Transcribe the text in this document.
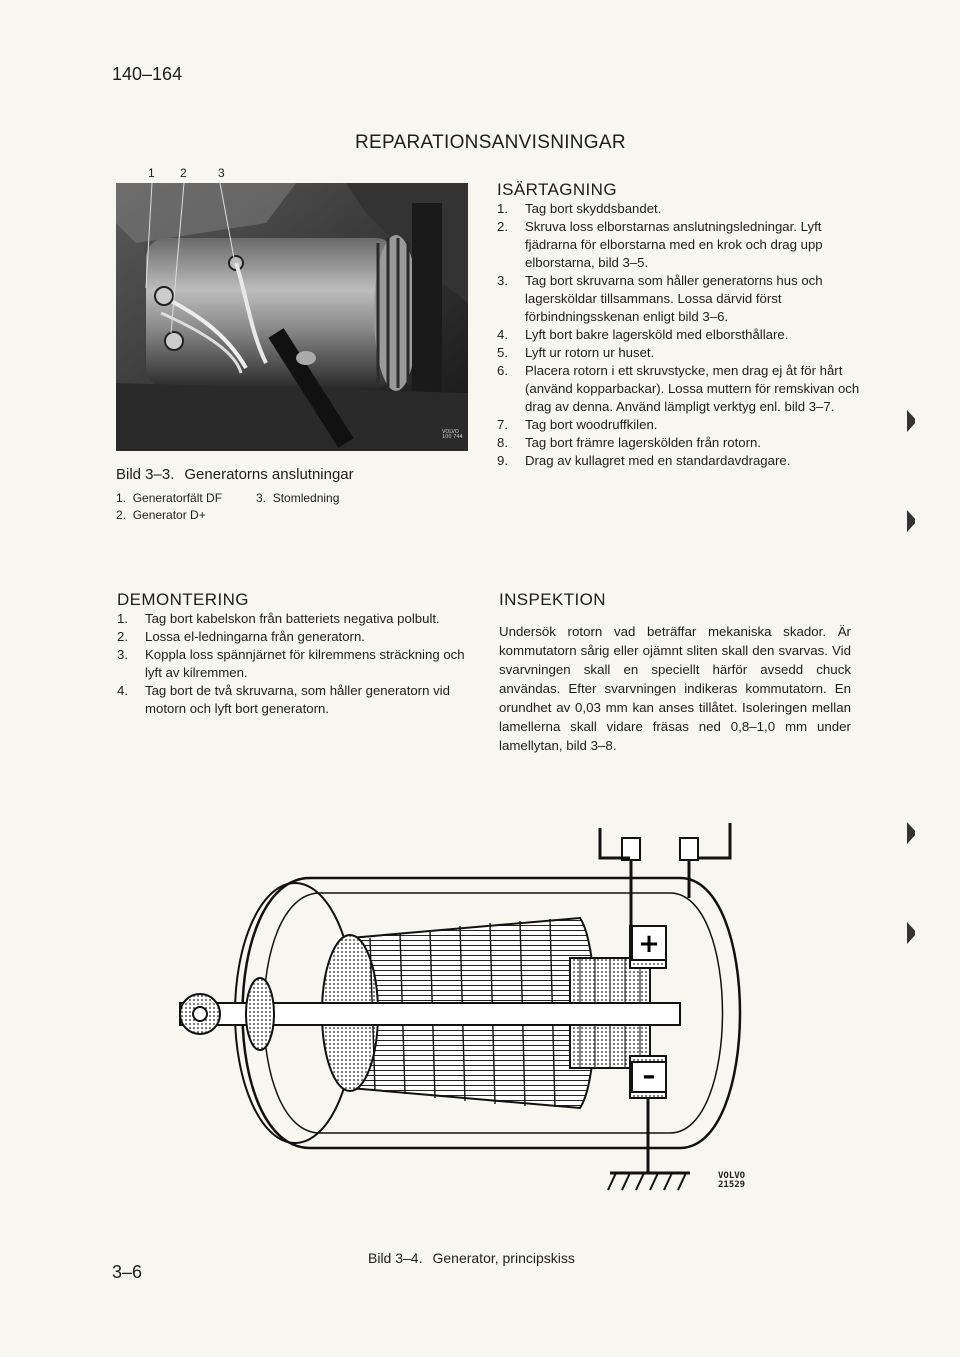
140–164
REPARATIONSANVISNINGAR
1 2	3
VOLVO
100 744
Bild 3–3. Generatorns anslutningar
1. Generatorfält DF	3. Stomledning
2. Generator D+
ISÄRTAGNING
1.	Tag bort skyddsbandet.
2.	Skruva loss elborstarnas anslutningsledningar. Lyft fjädrarna för elborstarna med en krok och drag upp elborstarna, bild 3–5.
3.	Tag bort skruvarna som håller generatorns hus och lagersköldar tillsammans. Lossa därvid först förbindningsskenan enligt bild 3–6.
4.	Lyft bort bakre lagersköld med elborsthållare.
5.	Lyft ur rotorn ur huset.
6.	Placera rotorn i ett skruvstycke, men drag ej åt för hårt (använd kopparbackar). Lossa muttern för remskivan och drag av denna. Använd lämpligt verktyg enl. bild 3–7.
7.	Tag bort woodruffkilen.
8.	Tag bort främre lagerskölden från rotorn.
9.	Drag av kullagret med en standardavdragare.
DEMONTERING
1.	Tag bort kabelskon från batteriets negativa polbult.
2.	Lossa el-ledningarna från generatorn.
3.	Koppla loss spännjärnet för kilremmens sträckning och lyft av kilremmen.
4.	Tag bort de två skruvarna, som håller generatorn vid motorn och lyft bort generatorn.
INSPEKTION
Undersök rotorn vad beträffar mekaniska skador. Är kommutatorn sårig eller ojämnt sliten skall den svarvas. Vid svarvningen skall en speciellt härför avsedd chuck användas. Efter svarvningen indikeras kommutatorn. En orundhet av 0,03 mm kan anses tillåtet. Isoleringen mellan lamellerna skall vidare fräsas ned 0,8–1,0 mm under lamellytan, bild 3–8.
+
–
VOLVO
21529
Bild 3–4. Generator, principskiss
3–6
